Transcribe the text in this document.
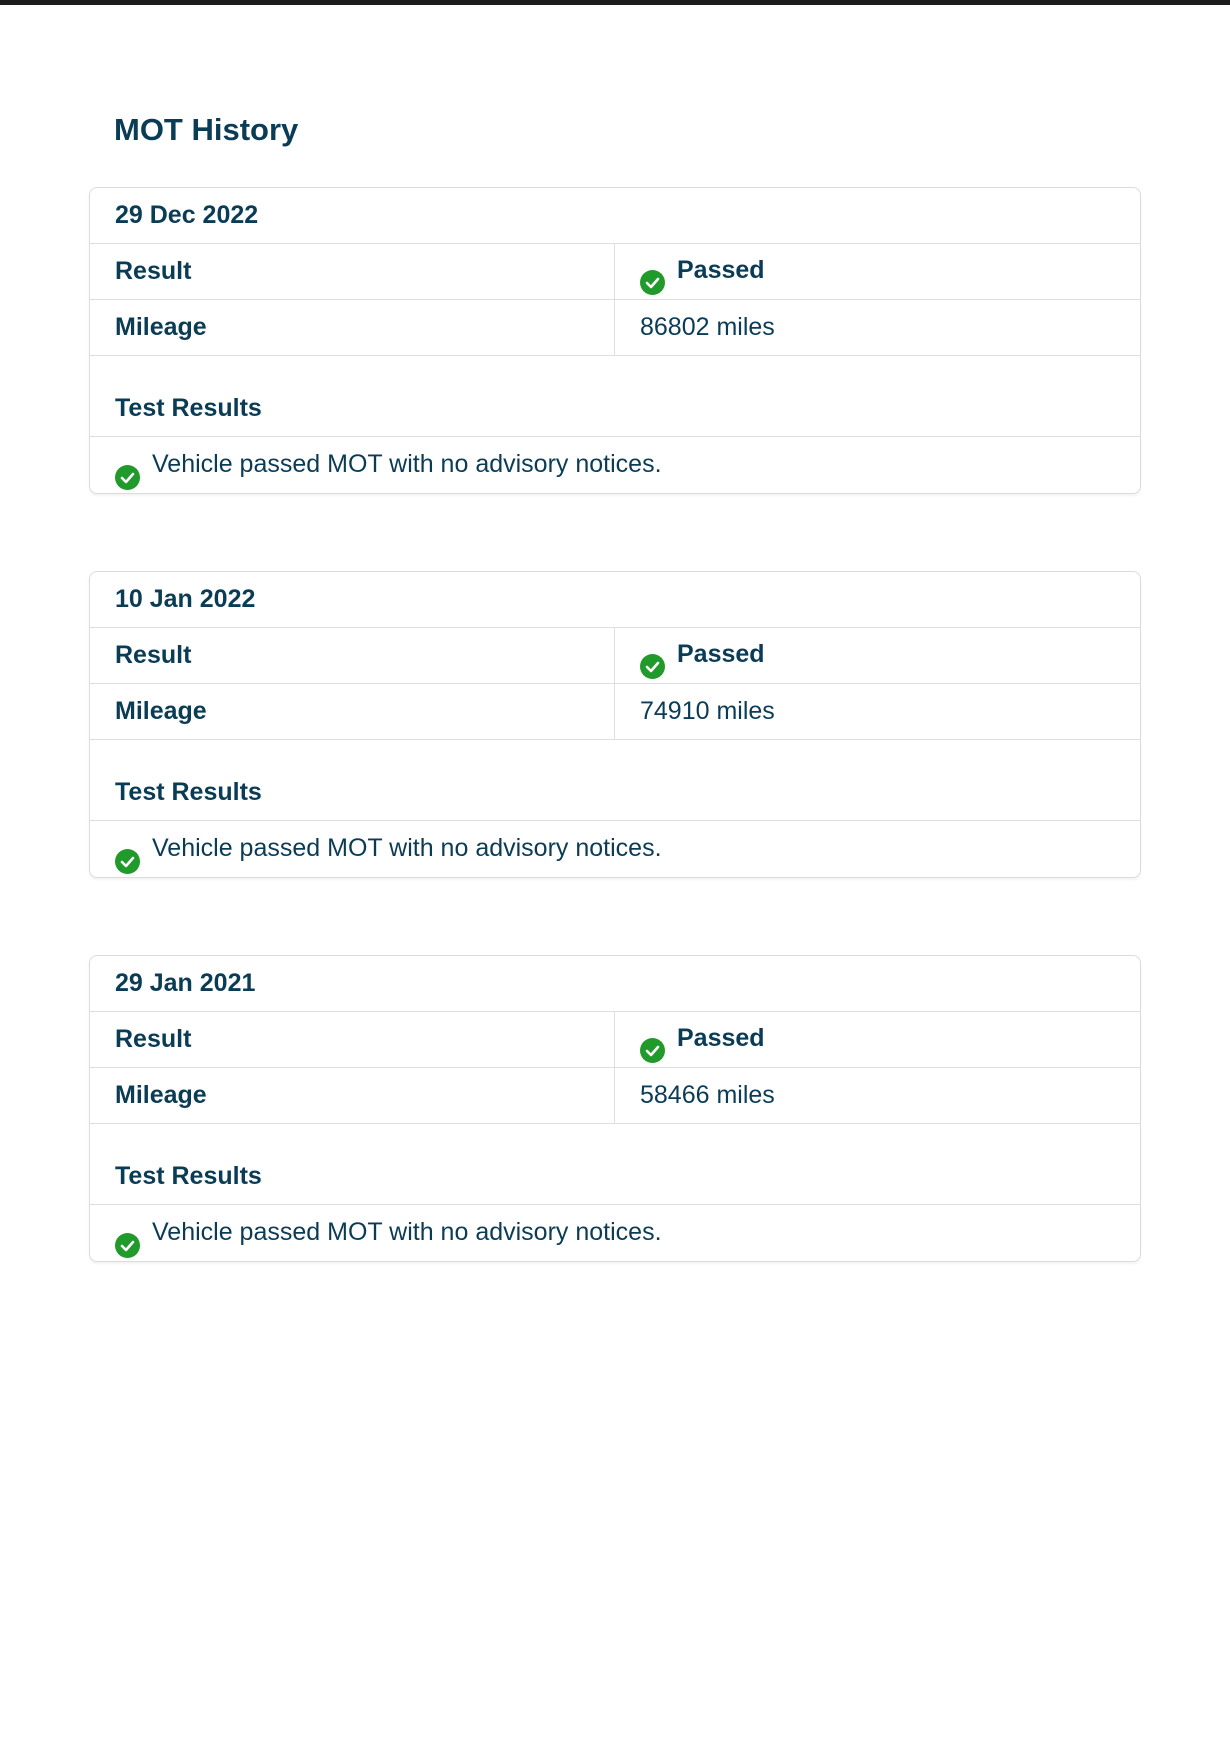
MOT History
29 Dec 2022
Result	Passed
Mileage	86802 miles
Test Results
Vehicle passed MOT with no advisory notices.
10 Jan 2022
Result	Passed
Mileage	74910 miles
Test Results
Vehicle passed MOT with no advisory notices.
29 Jan 2021
Result	Passed
Mileage	58466 miles
Test Results
Vehicle passed MOT with no advisory notices.
